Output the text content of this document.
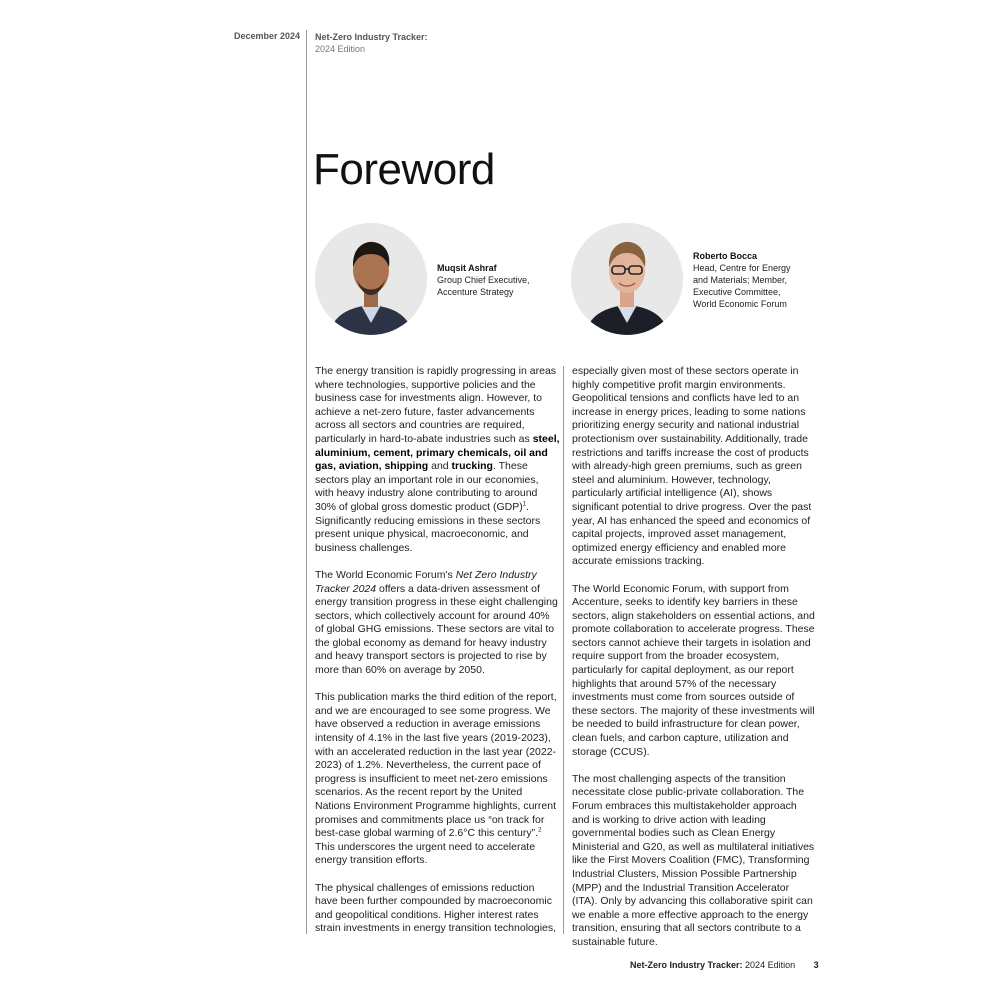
December 2024 Net-Zero Industry Tracker:
2024 Edition
Foreword
Muqsit Ashraf
Group Chief Executive,
Accenture Strategy
Roberto Bocca
Head, Centre for Energy
and Materials; Member,
Executive Committee,
World Economic Forum

The energy transition is rapidly progressing in areas where technologies, supportive policies and the business case for investments align. However, to achieve a net-zero future, faster advancements across all sectors and countries are required, particularly in hard-to-abate industries such as steel, aluminium, cement, primary chemicals, oil and gas, aviation, shipping and trucking. These sectors play an important role in our economies, with heavy industry alone contributing to around 30% of global gross domestic product (GDP)$^1$. Significantly reducing emissions in these sectors present unique physical, macroeconomic, and business challenges.

The World Economic Forum's Net Zero Industry Tracker 2024 offers a data-driven assessment of energy transition progress in these eight challenging sectors, which collectively account for around 40% of global GHG emissions. These sectors are vital to the global economy as demand for heavy industry and heavy transport sectors is projected to rise by more than 60% on average by 2050.

This publication marks the third edition of the report, and we are encouraged to see some progress. We have observed a reduction in average emissions intensity of 4.1% in the last five years (2019-2023), with an accelerated reduction in the last year (2022-2023) of 1.2%. Nevertheless, the current pace of progress is insufficient to meet net-zero emissions scenarios. As the recent report by the United Nations Environment Programme highlights, current promises and commitments place us “on track for best-case global warming of 2.6°C this century”.$^2$ This underscores the urgent need to accelerate energy transition efforts.

The physical challenges of emissions reduction have been further compounded by macroeconomic and geopolitical conditions. Higher interest rates strain investments in energy transition technologies,

especially given most of these sectors operate in highly competitive profit margin environments. Geopolitical tensions and conflicts have led to an increase in energy prices, leading to some nations prioritizing energy security and national industrial protectionism over sustainability. Additionally, trade restrictions and tariffs increase the cost of products with already-high green premiums, such as green steel and aluminium. However, technology, particularly artificial intelligence (AI), shows significant potential to drive progress. Over the past year, AI has enhanced the speed and economics of capital projects, improved asset management, optimized energy efficiency and enabled more accurate emissions tracking.

The World Economic Forum, with support from Accenture, seeks to identify key barriers in these sectors, align stakeholders on essential actions, and promote collaboration to accelerate progress. These sectors cannot achieve their targets in isolation and require support from the broader ecosystem, particularly for capital deployment, as our report highlights that around 57% of the necessary investments must come from sources outside of these sectors. The majority of these investments will be needed to build infrastructure for clean power, clean fuels, and carbon capture, utilization and storage (CCUS).

The most challenging aspects of the transition necessitate close public-private collaboration. The Forum embraces this multistakeholder approach and is working to drive action with leading governmental bodies such as Clean Energy Ministerial and G20, as well as multilateral initiatives like the First Movers Coalition (FMC), Transforming Industrial Clusters, Mission Possible Partnership (MPP) and the Industrial Transition Accelerator (ITA). Only by advancing this collaborative spirit can we enable a more effective approach to the energy transition, ensuring that all sectors contribute to a sustainable future.

Net-Zero Industry Tracker: 2024 Edition 3
